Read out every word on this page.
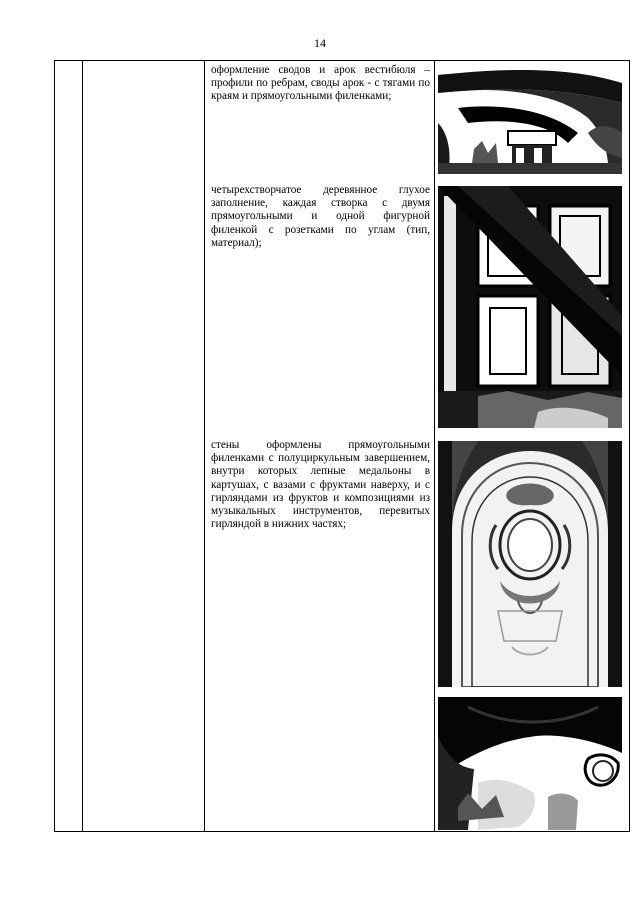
14
оформление сводов и арок вестибюля – профили по ребрам, своды арок - с тягами по краям и прямоугольными филенками;
четырехстворчатое деревянное глухое заполнение, каждая створка с двумя прямоугольными и одной фигурной филенкой с розетками по углам (тип, материал);
стены оформлены прямоугольными филенками с полуциркульным завершением, внутри которых лепные медальоны в картушах, с вазами с фруктами наверху, и с гирляндами из фруктов и композициями из музыкальных инструментов, перевитых гирляндой в нижних частях;
